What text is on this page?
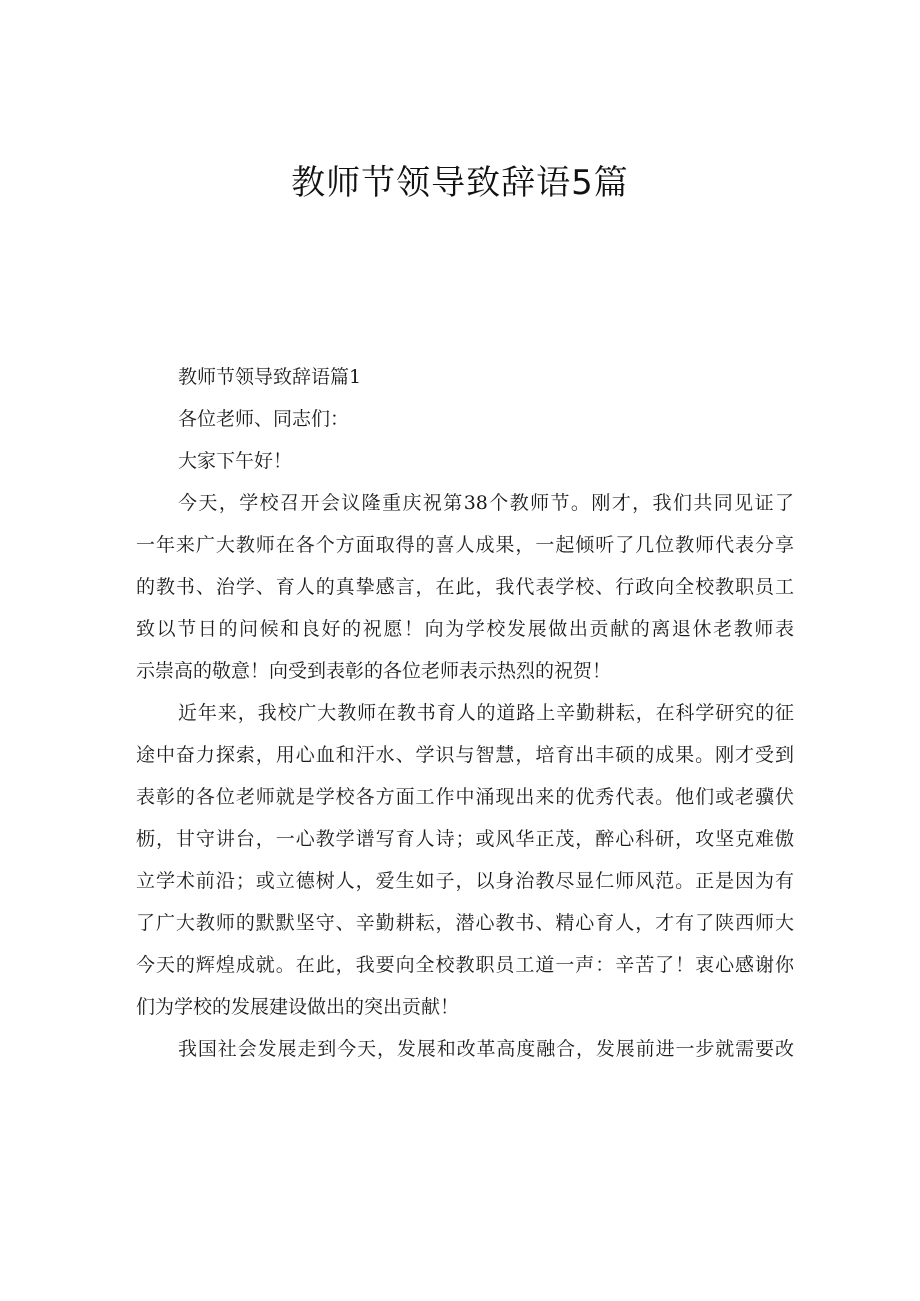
教师节领导致辞语5篇
教师节领导致辞语篇1
各位老师、同志们：
大家下午好！
今天，学校召开会议隆重庆祝第38个教师节。刚才，我们共同见证了
一年来广大教师在各个方面取得的喜人成果，一起倾听了几位教师代表分享
的教书、治学、育人的真挚感言，在此，我代表学校、行政向全校教职员工
致以节日的问候和良好的祝愿！向为学校发展做出贡献的离退休老教师表
示崇高的敬意！向受到表彰的各位老师表示热烈的祝贺！
近年来，我校广大教师在教书育人的道路上辛勤耕耘，在科学研究的征
途中奋力探索，用心血和汗水、学识与智慧，培育出丰硕的成果。刚才受到
表彰的各位老师就是学校各方面工作中涌现出来的优秀代表。他们或老骥伏
枥，甘守讲台，一心教学谱写育人诗；或风华正茂，醉心科研，攻坚克难傲
立学术前沿；或立德树人，爱生如子，以身治教尽显仁师风范。正是因为有
了广大教师的默默坚守、辛勤耕耘，潜心教书、精心育人，才有了陕西师大
今天的辉煌成就。在此，我要向全校教职员工道一声：辛苦了！衷心感谢你
们为学校的发展建设做出的突出贡献！
我国社会发展走到今天，发展和改革高度融合，发展前进一步就需要改
